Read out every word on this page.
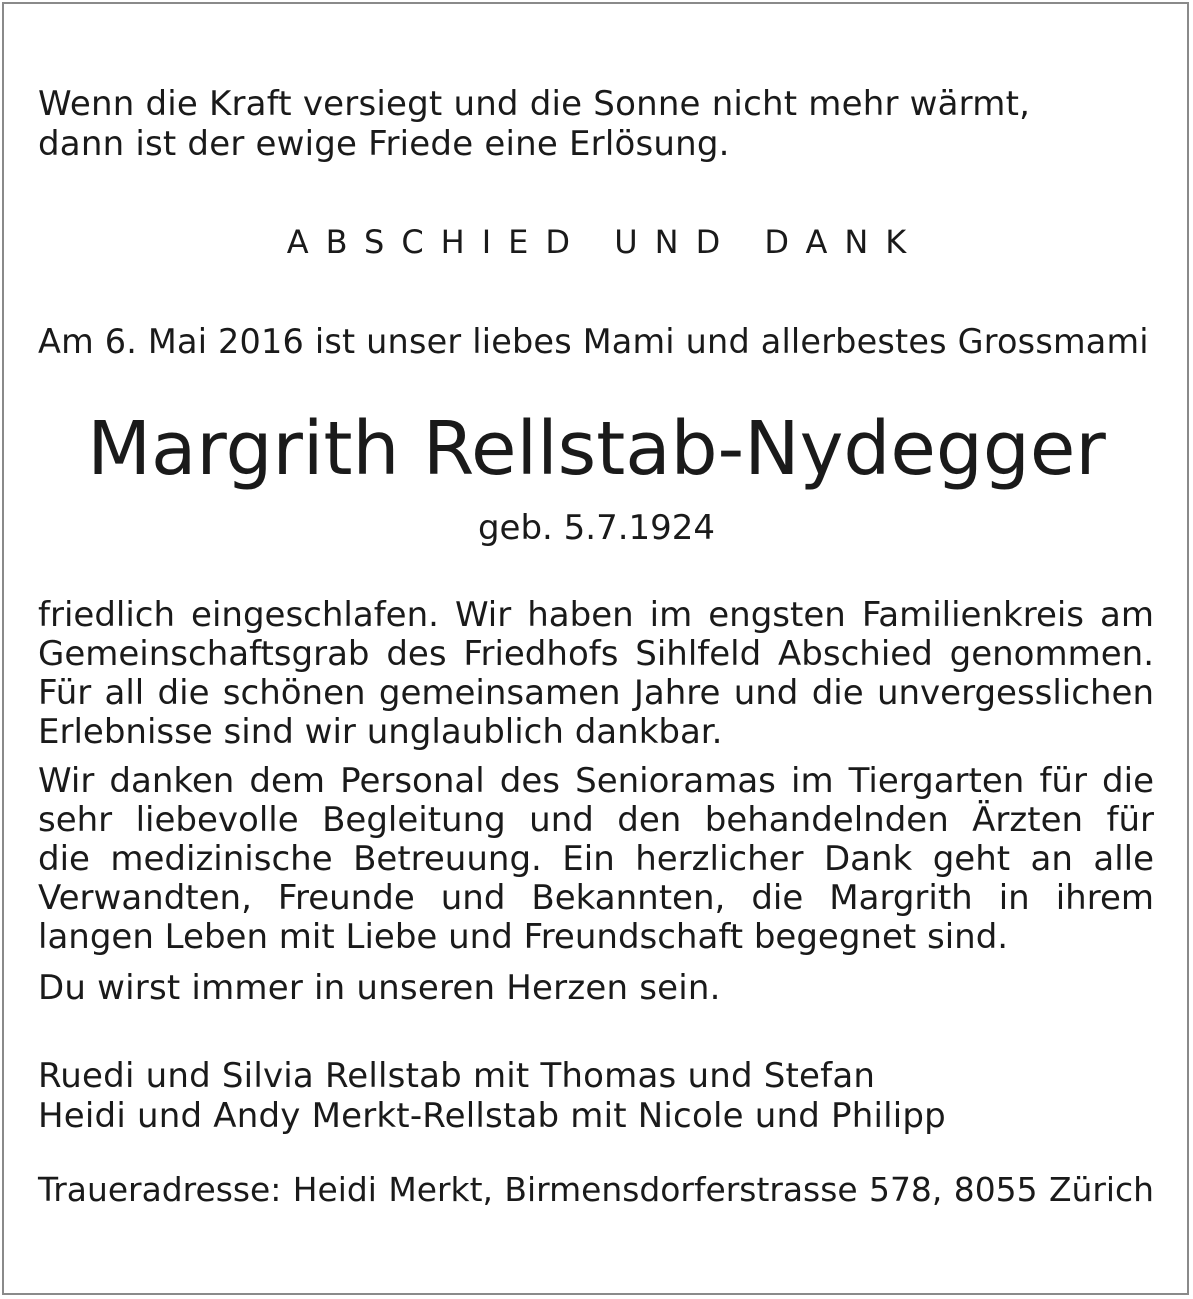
Wenn die Kraft versiegt und die Sonne nicht mehr wärmt,
dann ist der ewige Friede eine Erlösung.
ABSCHIED UND DANK
Am 6. Mai 2016 ist unser liebes Mami und allerbestes Grossmami
Margrith Rellstab-Nydegger
geb. 5.7.1924
friedlich eingeschlafen. Wir haben im engsten Familienkreis am
Gemeinschaftsgrab des Friedhofs Sihlfeld Abschied genommen.
Für all die schönen gemeinsamen Jahre und die unvergesslichen
Erlebnisse sind wir unglaublich dankbar.
Wir danken dem Personal des Senioramas im Tiergarten für die
sehr liebevolle Begleitung und den behandelnden Ärzten für
die medizinische Betreuung. Ein herzlicher Dank geht an alle
Verwandten, Freunde und Bekannten, die Margrith in ihrem
langen Leben mit Liebe und Freundschaft begegnet sind.
Du wirst immer in unseren Herzen sein.
Ruedi und Silvia Rellstab mit Thomas und Stefan
Heidi und Andy Merkt-Rellstab mit Nicole und Philipp
Traueradresse: Heidi Merkt, Birmensdorferstrasse 578, 8055 Zürich
